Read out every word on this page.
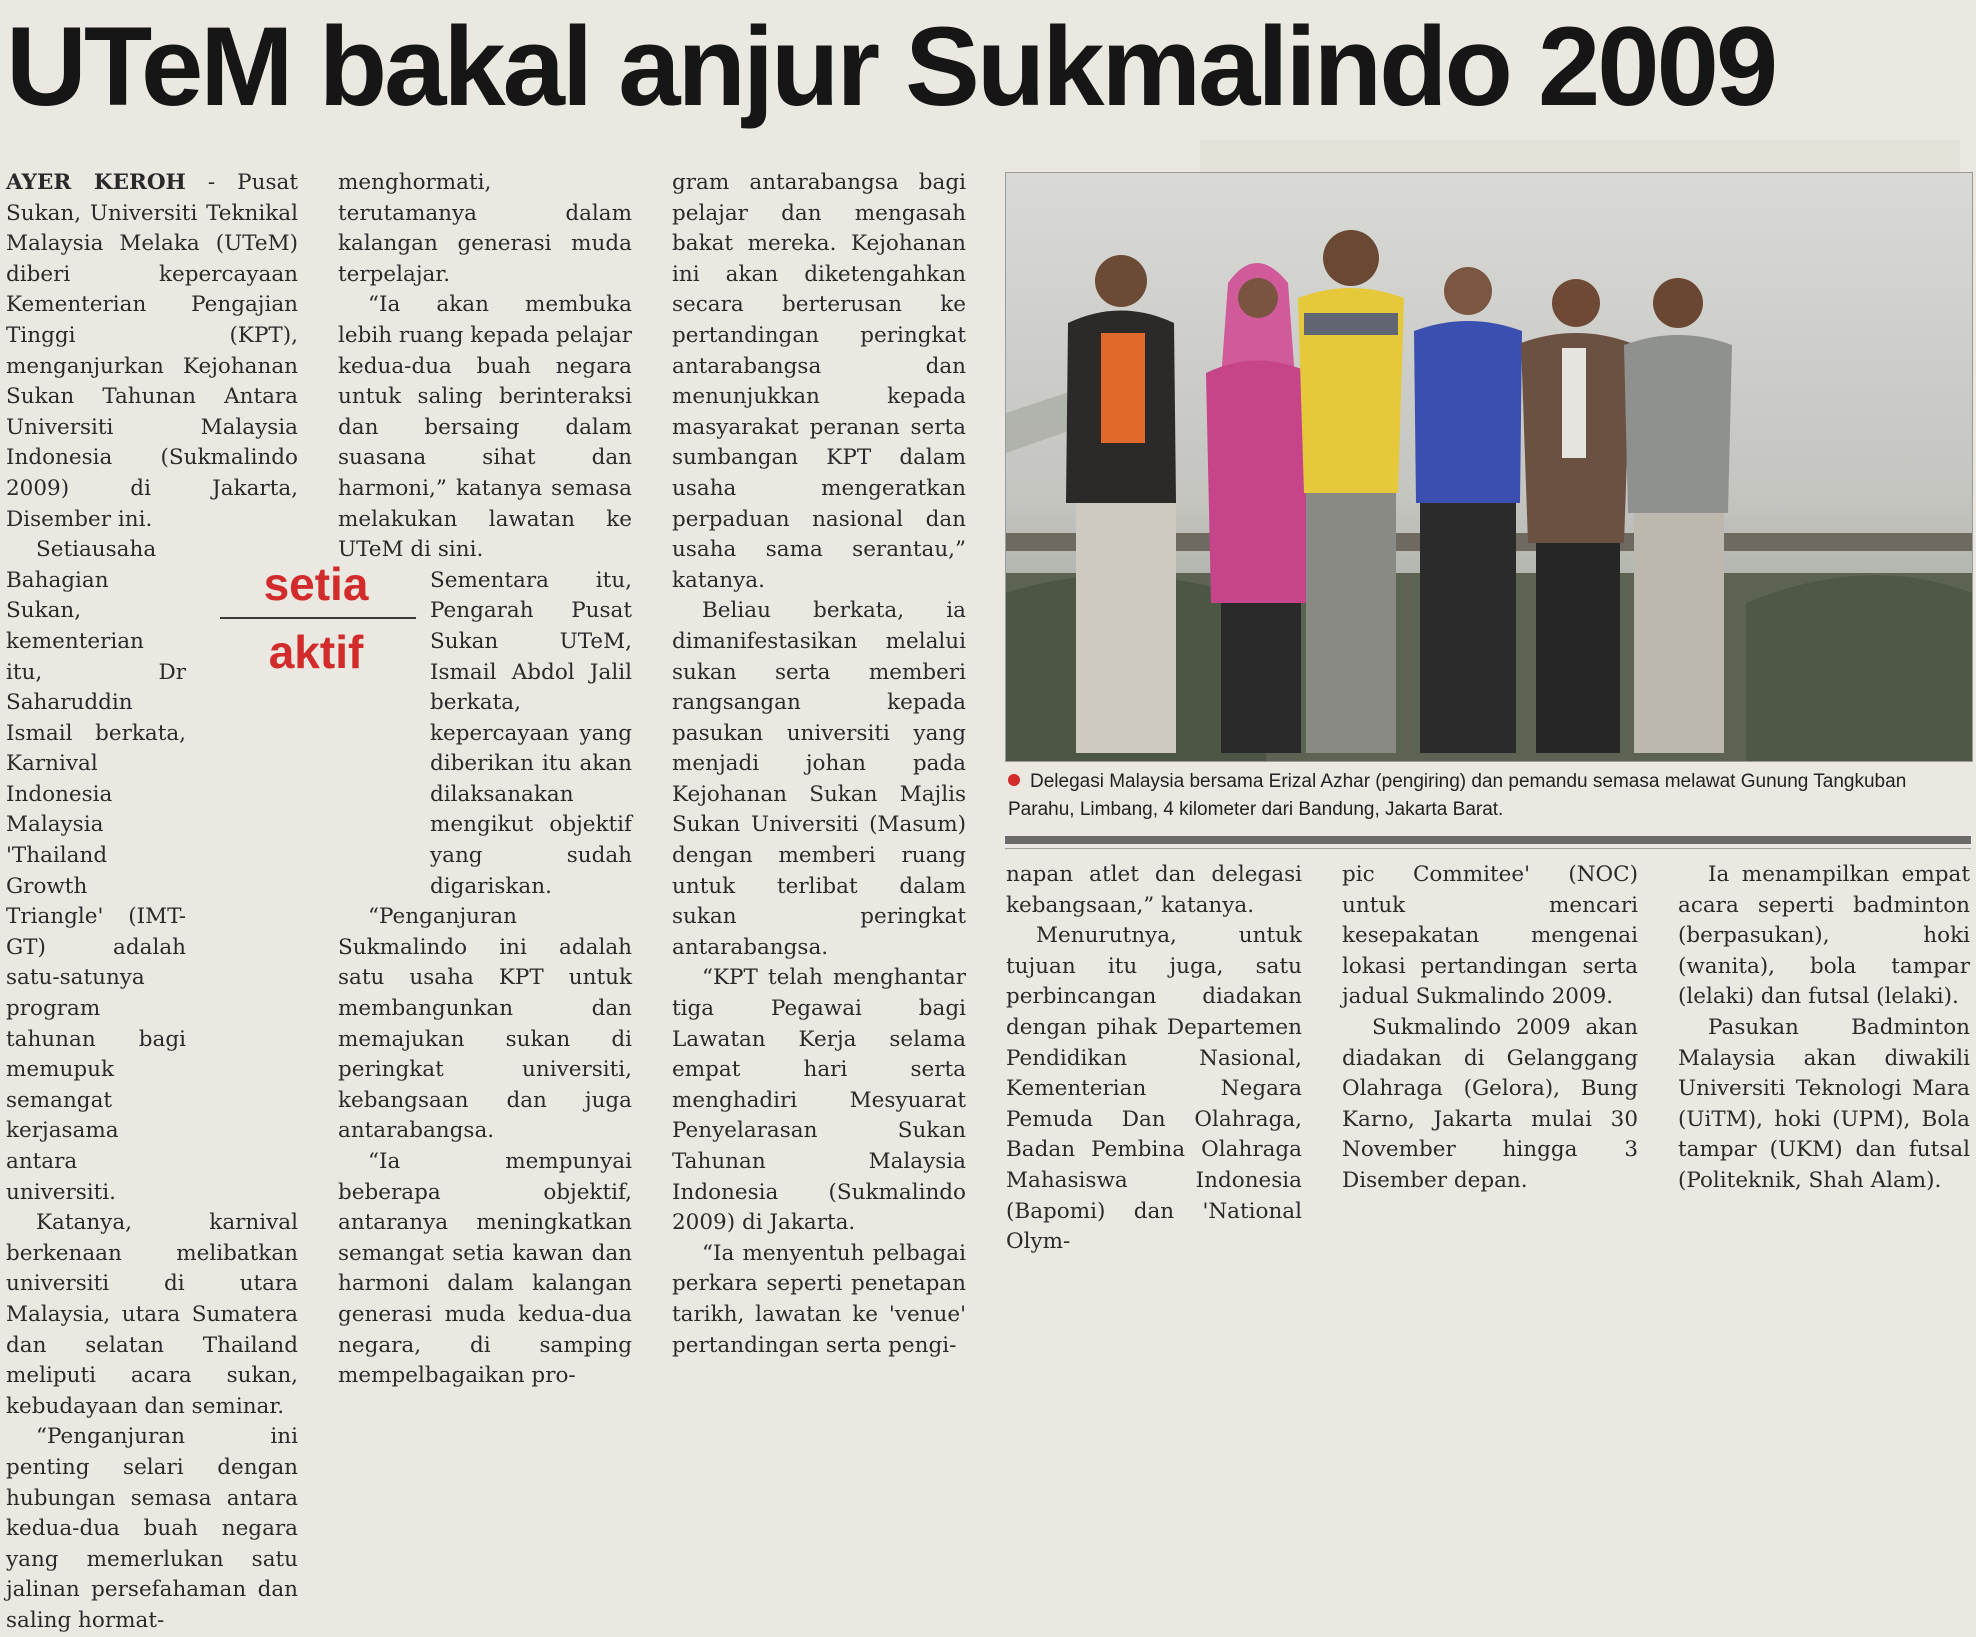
UTeM bakal anjur Sukmalindo 2009

AYER KEROH - Pusat Sukan, Universiti Teknikal Malaysia Melaka (UTeM) diberi kepercayaan Kementerian Pengajian Tinggi (KPT), menganjurkan Kejohanan Sukan Tahunan Antara Universiti Malaysia Indonesia (Sukmalindo 2009) di Jakarta, Disember ini.

Setiausaha Bahagian Sukan, kementerian itu, Dr Saharuddin Ismail berkata, Karnival Indonesia Malaysia 'Thailand Growth Triangle' (IMT-GT) adalah satu-satunya program tahunan bagi memupuk semangat kerjasama antara universiti.

Katanya, karnival berkenaan melibatkan universiti di utara Malaysia, utara Sumatera dan selatan Thailand meliputi acara sukan, kebudayaan dan seminar.

“Penganjuran ini penting selari dengan hubungan semasa antara kedua-dua buah negara yang memerlukan satu jalinan persefahaman dan saling hormat-

setia
aktif

menghormati, terutamanya dalam kalangan generasi muda terpelajar.

“Ia akan membuka lebih ruang kepada pelajar kedua-dua buah negara untuk saling berinteraksi dan bersaing dalam suasana sihat dan harmoni,” katanya semasa melakukan lawatan ke UTeM di sini.

Sementara itu, Pengarah Pusat Sukan UTeM, Ismail Abdol Jalil berkata, kepercayaan yang diberikan itu akan dilaksanakan mengikut objektif yang sudah digariskan.

“Penganjuran Sukmalindo ini adalah satu usaha KPT untuk membangunkan dan memajukan sukan di peringkat universiti, kebangsaan dan juga antarabangsa.

“Ia mempunyai beberapa objektif, antaranya meningkatkan semangat setia kawan dan harmoni dalam kalangan generasi muda kedua-dua negara, di samping mempelbagaikan pro-

gram antarabangsa bagi pelajar dan mengasah bakat mereka. Kejohanan ini akan diketengahkan secara berterusan ke pertandingan peringkat antarabangsa dan menunjukkan kepada masyarakat peranan serta sumbangan KPT dalam usaha mengeratkan perpaduan nasional dan usaha sama serantau,” katanya.

Beliau berkata, ia dimanifestasikan melalui sukan serta memberi rangsangan kepada pasukan universiti yang menjadi johan pada Kejohanan Sukan Majlis Sukan Universiti (Masum) dengan memberi ruang untuk terlibat dalam sukan peringkat antarabangsa.

“KPT telah menghantar tiga Pegawai bagi Lawatan Kerja selama empat hari serta menghadiri Mesyuarat Penyelarasan Sukan Tahunan Malaysia Indonesia (Sukmalindo 2009) di Jakarta.

“Ia menyentuh pelbagai perkara seperti penetapan tarikh, lawatan ke 'venue' pertandingan serta pengi-

Delegasi Malaysia bersama Erizal Azhar (pengiring) dan pemandu semasa melawat Gunung Tangkuban Parahu, Limbang, 4 kilometer dari Bandung, Jakarta Barat.

napan atlet dan delegasi kebangsaan,” katanya.

Menurutnya, untuk tujuan itu juga, satu perbincangan diadakan dengan pihak Departemen Pendidikan Nasional, Kementerian Negara Pemuda Dan Olahraga, Badan Pembina Olahraga Mahasiswa Indonesia (Bapomi) dan 'National Olym-

pic Commitee' (NOC) untuk mencari kesepakatan mengenai lokasi pertandingan serta jadual Sukmalindo 2009.

Sukmalindo 2009 akan diadakan di Gelanggang Olahraga (Gelora), Bung Karno, Jakarta mulai 30 November hingga 3 Disember depan.

Ia menampilkan empat acara seperti badminton (berpasukan), hoki (wanita), bola tampar (lelaki) dan futsal (lelaki).

Pasukan Badminton Malaysia akan diwakili Universiti Teknologi Mara (UiTM), hoki (UPM), Bola tampar (UKM) dan futsal (Politeknik, Shah Alam).
